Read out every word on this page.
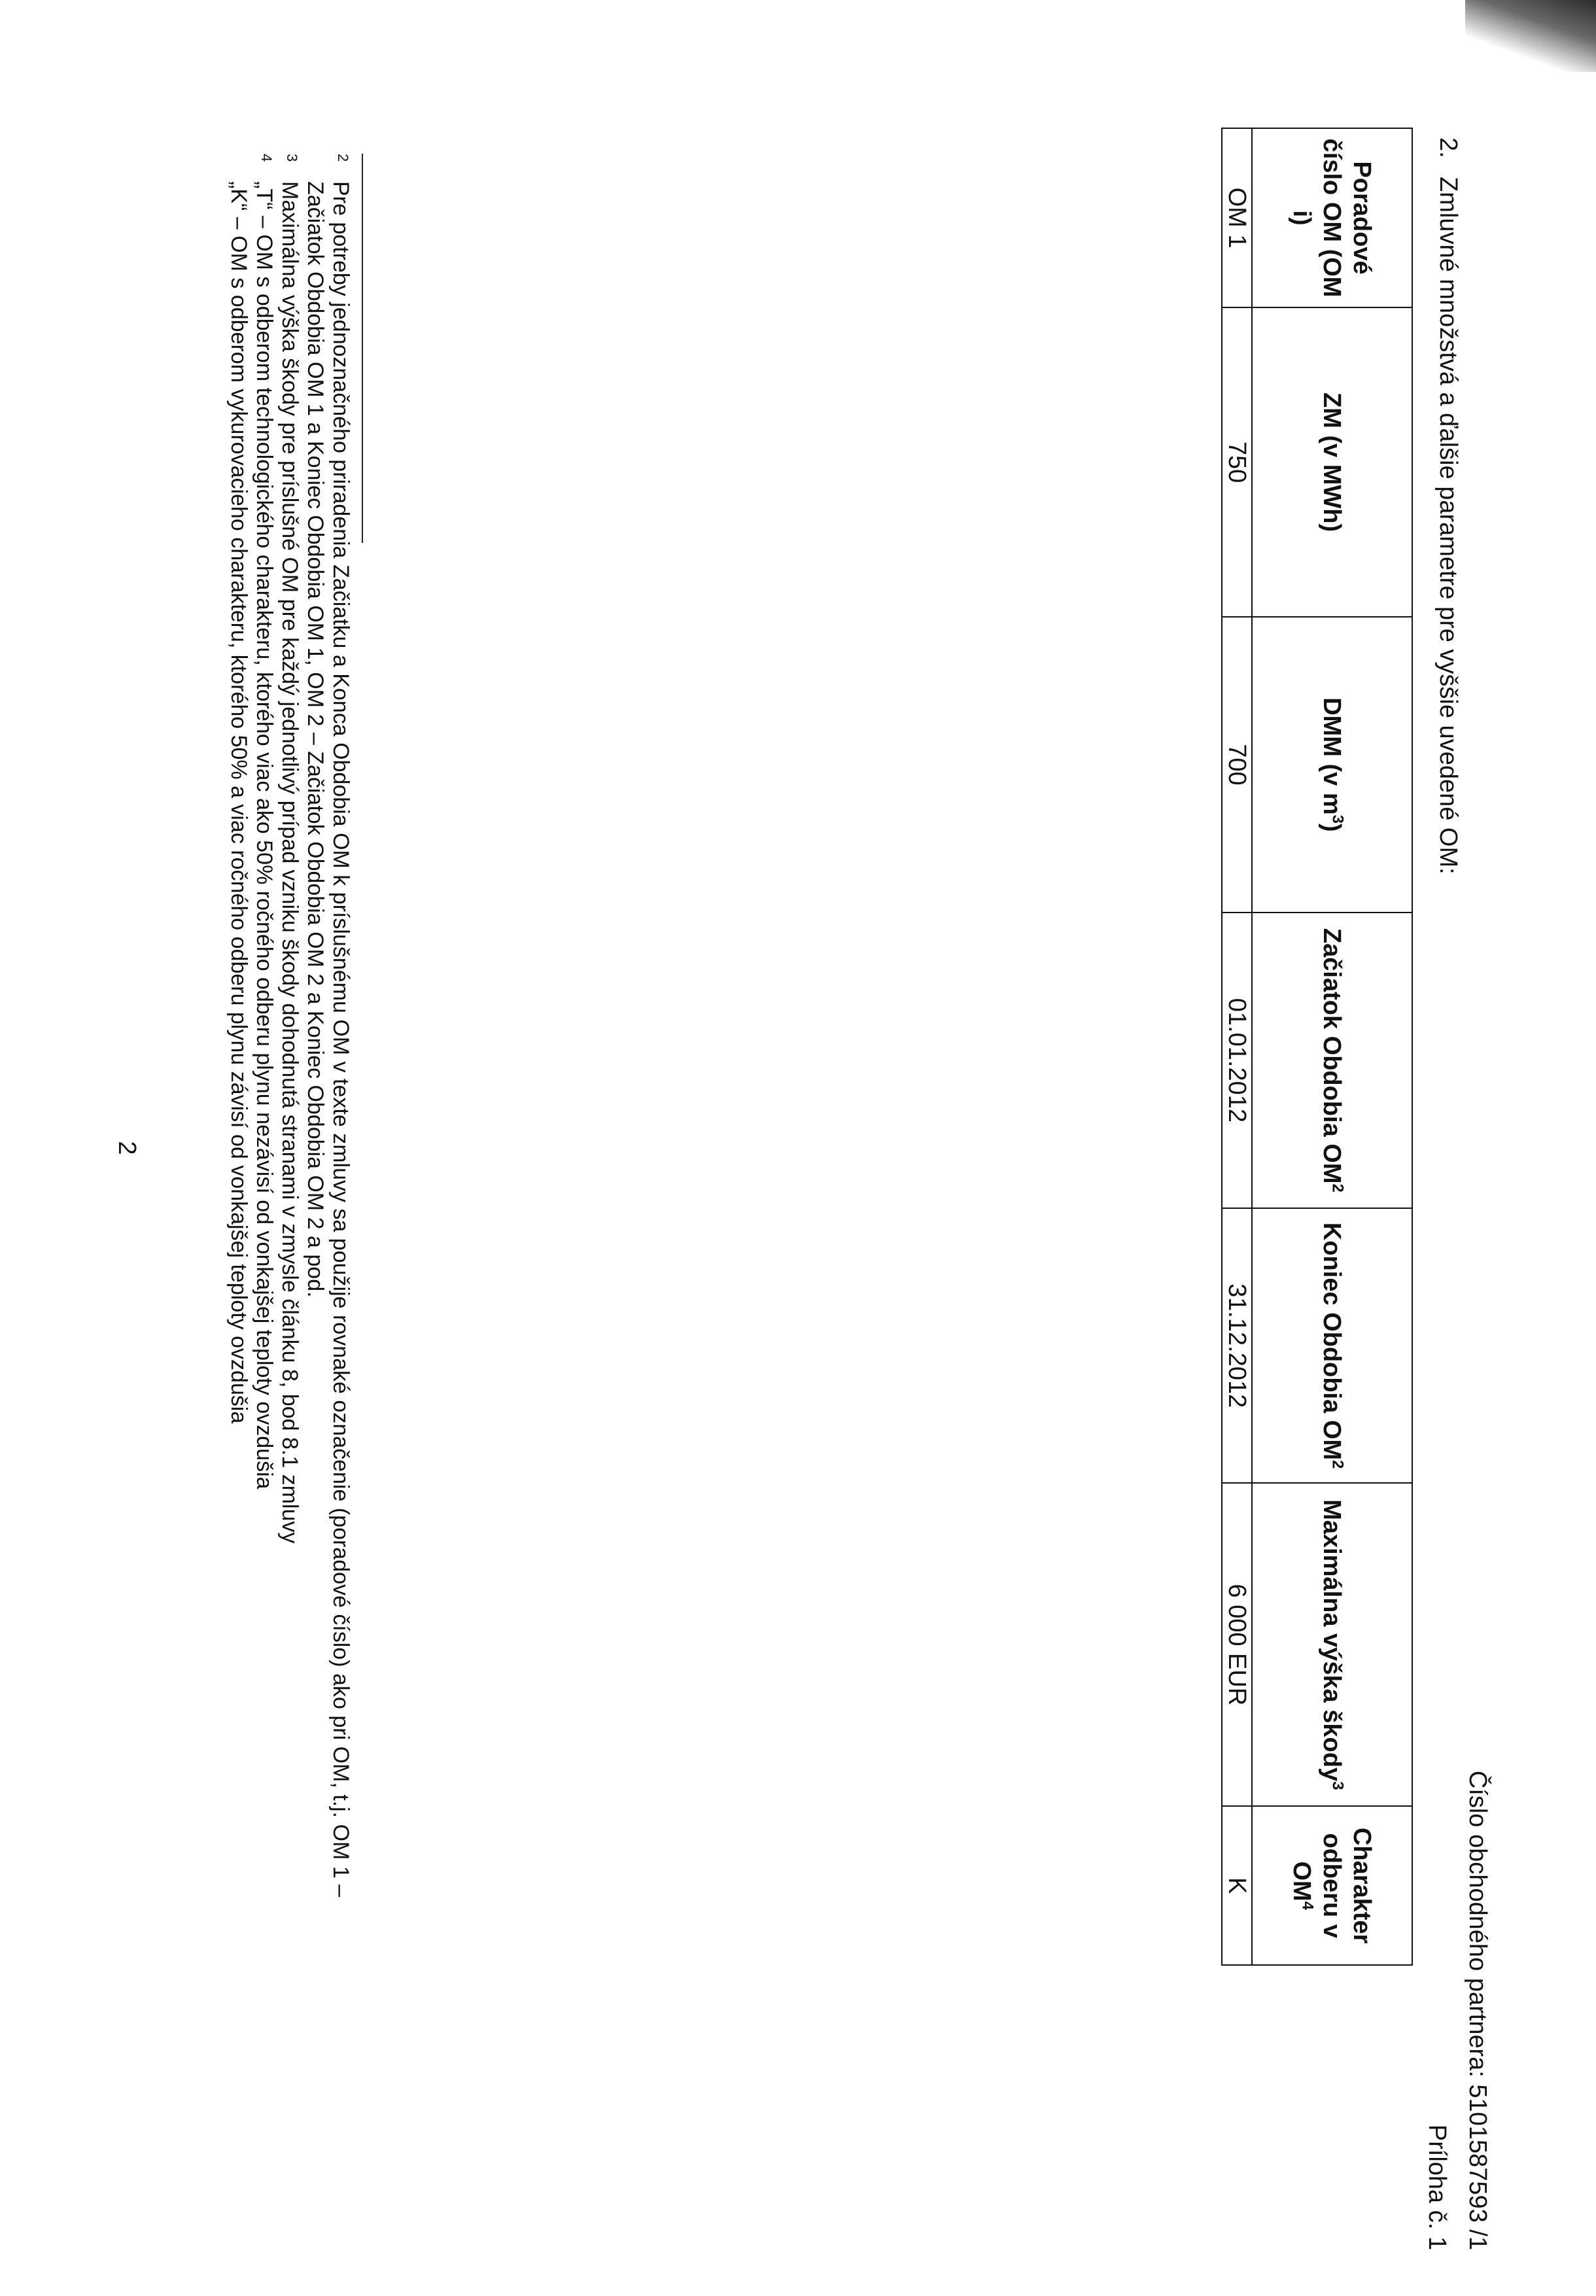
Číslo obchodného partnera: 5101587593 /1
Príloha č. 1
2.Zmluvné množstvá a ďalšie parametre pre vyššie uvedené OM:
Poradové číslo OM (OM i)	ZM (v MWh)	DMM (v $m^3$)	Začiatok Obdobia $OM^2$	Koniec Obdobia $OM^2$	Maximálna výška škody$^3$	Charakter odberu v $OM^4$
OM 1	750	700	01.01.2012	31.12.2012	6 000 EUR	K
2
Pre potreby jednoznačného priradenia Začiatku a Konca Obdobia OM k príslušnému OM v texte zmluvy sa použije rovnaké označenie (poradové číslo) ako pri OM, t.j. OM 1 –
Začiatok Obdobia OM 1 a Koniec Obdobia OM 1, OM 2 – Začiatok Obdobia OM 2 a Koniec Obdobia OM 2 a pod.
3
Maximálna výška škody pre príslušné OM pre každý jednotlivý prípad vzniku škody dohodnutá stranami v zmysle článku 8, bod 8.1 zmluvy
4
„T“ – OM s odberom technologického charakteru, ktorého viac ako 50% ročného odberu plynu nezávisí od vonkajšej teploty ovzdušia
„K“ – OM s odberom vykurovacieho charakteru, ktorého 50% a viac ročného odberu plynu závisí od vonkajšej teploty ovzdušia
2
